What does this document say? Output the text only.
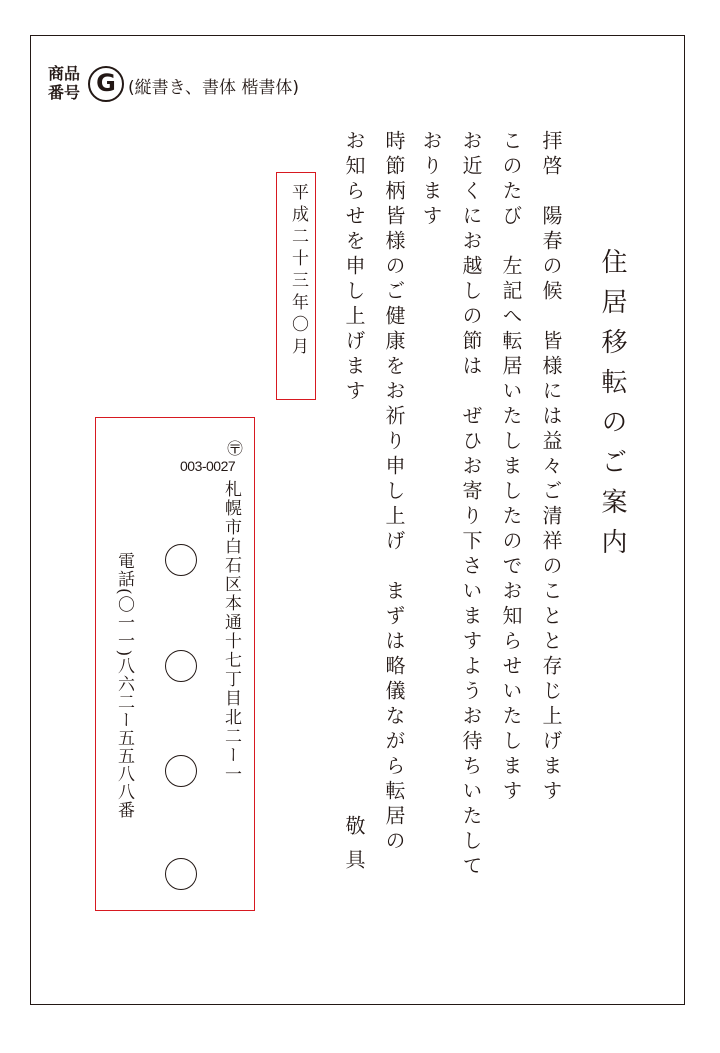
商品番号 G (縦書き、書体 楷書体)
住居移転のご案内
拝啓　陽春の候　皆様には益々ご清祥のことと存じ上げます
このたび　左記へ転居いたしましたのでお知らせいたします
お近くにお越しの節は　ぜひお寄り下さいますようお待ちいたして
おります
時節柄皆様のご健康をお祈り申し上げ　まずは略儀ながら転居の
お知らせを申し上げます
敬具
平成二十三年〇月
〶
003-0027
札幌市白石区本通十七丁目北二ー一
電話(〇一一)八六二ー五五八八番
